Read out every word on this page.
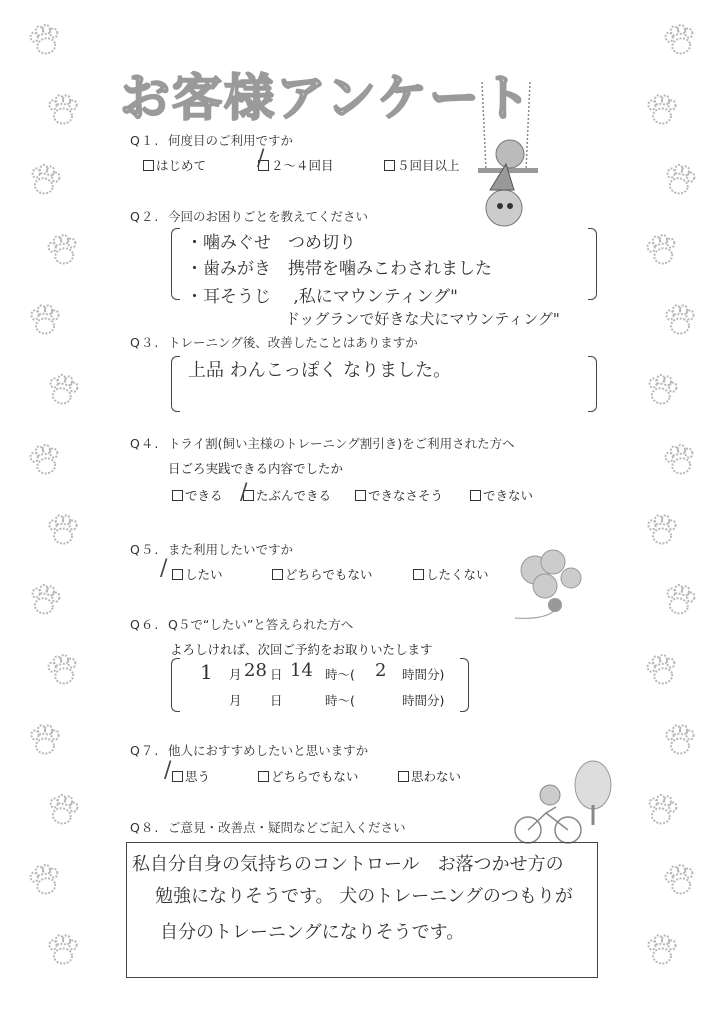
お客様アンケート
Q１. 何度目のご利用ですか
はじめて	２～４回目	５回目以上
/
Q２. 今回のお困りごとを教えてください
・噛みぐせ　つめ切り
・歯みがき　携帯を噛みこわされました
・耳そうじ　 ,私にマウンティング"
ドッグランで好きな犬にマウンティング"
Q３. トレーニング後、改善したことはありますか
上品 わんこっぽく なりました。
Q４. トライ割(飼い主様のトレーニング割引き)をご利用された方へ
日ごろ実践できる内容でしたか
できる	たぶんできる	できなさそう	できない
/
Q５. また利用したいですか
したい	どちらでもない	したくない
/
Q６. Q５で“したい”と答えられた方へ
よろしければ、次回ご予約をお取りいたします
1 月 28 日 14 時～( 2 時間分)
月 日	時～(	時間分)
Q７. 他人におすすめしたいと思いますか
思う	どちらでもない	思わない
/
Q８. ご意見・改善点・疑問などご記入ください
私自分自身の気持ちのコントロール　お落つかせ方の
勉強になりそうです。 犬のトレーニングのつもりが
自分のトレーニングになりそうです。
